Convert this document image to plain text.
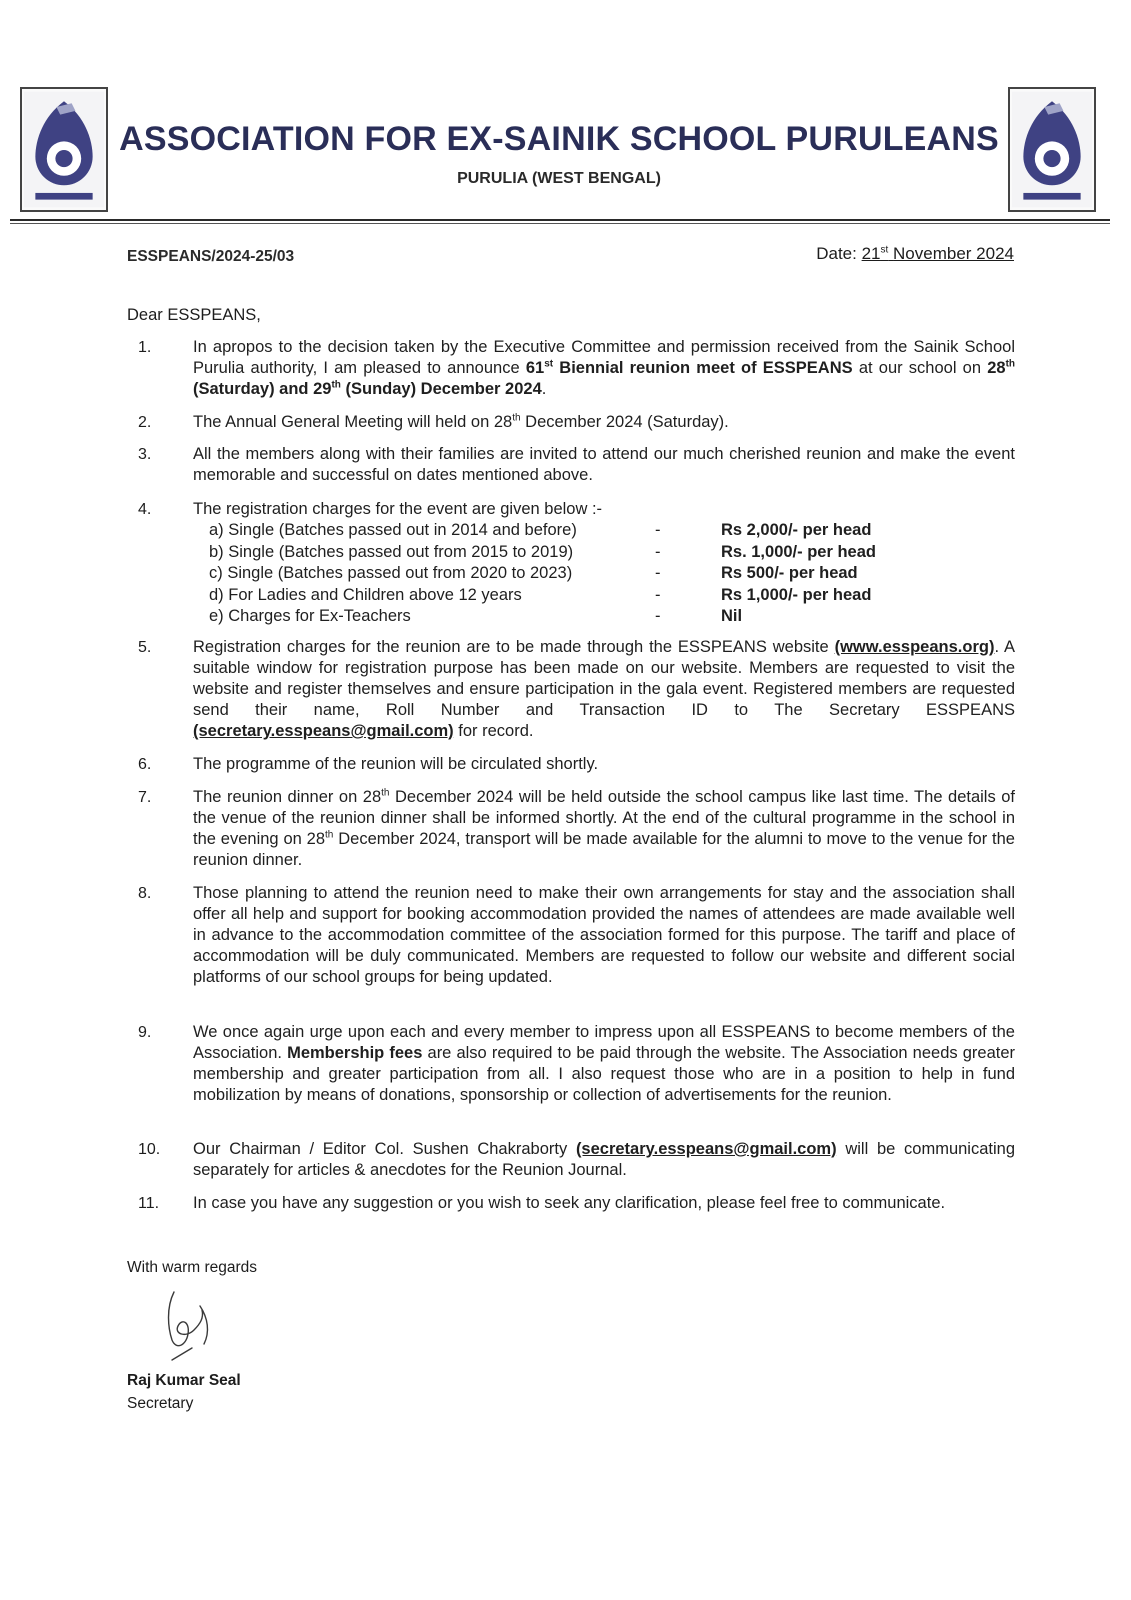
ASSOCIATION FOR EX-SAINIK SCHOOL PURULEANS
PURULIA (WEST BENGAL)
ESSPEANS/2024-25/03	Date: 21st November 2024
Dear ESSPEANS,
1.	In apropos to the decision taken by the Executive Committee and permission received from the Sainik School Purulia authority, I am pleased to announce 61st Biennial reunion meet of ESSPEANS at our school on 28th (Saturday) and 29th (Sunday) December 2024.
2.	The Annual General Meeting will held on 28th December 2024 (Saturday).
3.	All the members along with their families are invited to attend our much cherished reunion and make the event memorable and successful on dates mentioned above.
4.	The registration charges for the event are given below :-
a) Single (Batches passed out in 2014 and before)	-	Rs 2,000/- per head
b) Single (Batches passed out from 2015 to 2019)	-	Rs. 1,000/- per head
c) Single (Batches passed out from 2020 to 2023)	-	Rs 500/- per head
d) For Ladies and Children above 12 years	-	Rs 1,000/- per head
e) Charges for Ex-Teachers	-	Nil
5.	Registration charges for the reunion are to be made through the ESSPEANS website (www.esspeans.org). A suitable window for registration purpose has been made on our website. Members are requested to visit the website and register themselves and ensure participation in the gala event. Registered members are requested send their name, Roll Number and Transaction ID to The Secretary ESSPEANS (secretary.esspeans@gmail.com) for record.
6.	The programme of the reunion will be circulated shortly.
7.	The reunion dinner on 28th December 2024 will be held outside the school campus like last time. The details of the venue of the reunion dinner shall be informed shortly. At the end of the cultural programme in the school in the evening on 28th December 2024, transport will be made available for the alumni to move to the venue for the reunion dinner.
8.	Those planning to attend the reunion need to make their own arrangements for stay and the association shall offer all help and support for booking accommodation provided the names of attendees are made available well in advance to the accommodation committee of the association formed for this purpose. The tariff and place of accommodation will be duly communicated. Members are requested to follow our website and different social platforms of our school groups for being updated.
9.	We once again urge upon each and every member to impress upon all ESSPEANS to become members of the Association. Membership fees are also required to be paid through the website. The Association needs greater membership and greater participation from all. I also request those who are in a position to help in fund mobilization by means of donations, sponsorship or collection of advertisements for the reunion.
10.	Our Chairman / Editor Col. Sushen Chakraborty (secretary.esspeans@gmail.com) will be communicating separately for articles & anecdotes for the Reunion Journal.
11.	In case you have any suggestion or you wish to seek any clarification, please feel free to communicate.
With warm regards
Raj Kumar Seal
Secretary
